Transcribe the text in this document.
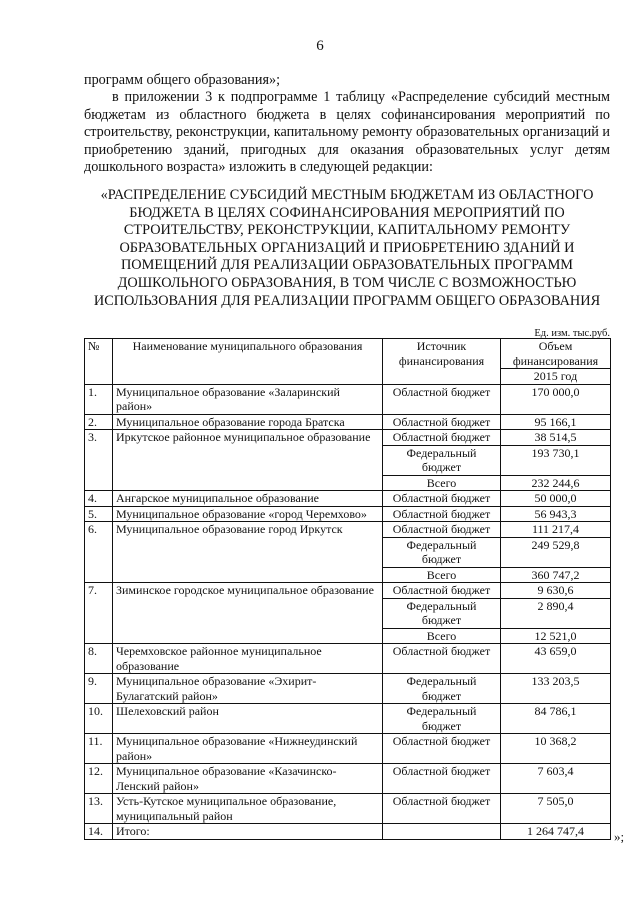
6
программ общего образования»;
в приложении 3 к подпрограмме 1 таблицу «Распределение субсидий местным бюджетам из областного бюджета в целях софинансирования мероприятий по строительству, реконструкции, капитальному ремонту образовательных организаций и приобретению зданий, пригодных для оказания образовательных услуг детям дошкольного возраста» изложить в следующей редакции:
«РАСПРЕДЕЛЕНИЕ СУБСИДИЙ МЕСТНЫМ БЮДЖЕТАМ ИЗ ОБЛАСТНОГО БЮДЖЕТА В ЦЕЛЯХ СОФИНАНСИРОВАНИЯ МЕРОПРИЯТИЙ ПО СТРОИТЕЛЬСТВУ, РЕКОНСТРУКЦИИ, КАПИТАЛЬНОМУ РЕМОНТУ ОБРАЗОВАТЕЛЬНЫХ ОРГАНИЗАЦИЙ И ПРИОБРЕТЕНИЮ ЗДАНИЙ И ПОМЕЩЕНИЙ ДЛЯ РЕАЛИЗАЦИИ ОБРАЗОВАТЕЛЬНЫХ ПРОГРАММ ДОШКОЛЬНОГО ОБРАЗОВАНИЯ, В ТОМ ЧИСЛЕ С ВОЗМОЖНОСТЬЮ ИСПОЛЬЗОВАНИЯ ДЛЯ РЕАЛИЗАЦИИ ПРОГРАММ ОБЩЕГО ОБРАЗОВАНИЯ
Ед. изм. тыс.руб.
№	Наименование муниципального образования	Источник финансирования	Объем финансирования
			2015 год
1.	Муниципальное образование «Заларинский район»	Областной бюджет	170 000,0
2.	Муниципальное образование города Братска	Областной бюджет	95 166,1
3.	Иркутское районное муниципальное образование	Областной бюджет	38 514,5
		Федеральный бюджет	193 730,1
		Всего	232 244,6
4.	Ангарское муниципальное образование	Областной бюджет	50 000,0
5.	Муниципальное образование «город Черемхово»	Областной бюджет	56 943,3
6.	Муниципальное образование город Иркутск	Областной бюджет	111 217,4
		Федеральный бюджет	249 529,8
		Всего	360 747,2
7.	Зиминское городское муниципальное образование	Областной бюджет	9 630,6
		Федеральный бюджет	2 890,4
		Всего	12 521,0
8.	Черемховское районное муниципальное образование	Областной бюджет	43 659,0
9.	Муниципальное образование «Эхирит-Булагатский район»	Федеральный бюджет	133 203,5
10.	Шелеховский район	Федеральный бюджет	84 786,1
11.	Муниципальное образование «Нижнеудинский район»	Областной бюджет	10 368,2
12.	Муниципальное образование «Казачинско-Ленский район»	Областной бюджет	7 603,4
13.	Усть-Кутское муниципальное образование, муниципальный район	Областной бюджет	7 505,0
14.	Итого:		1 264 747,4 »;
